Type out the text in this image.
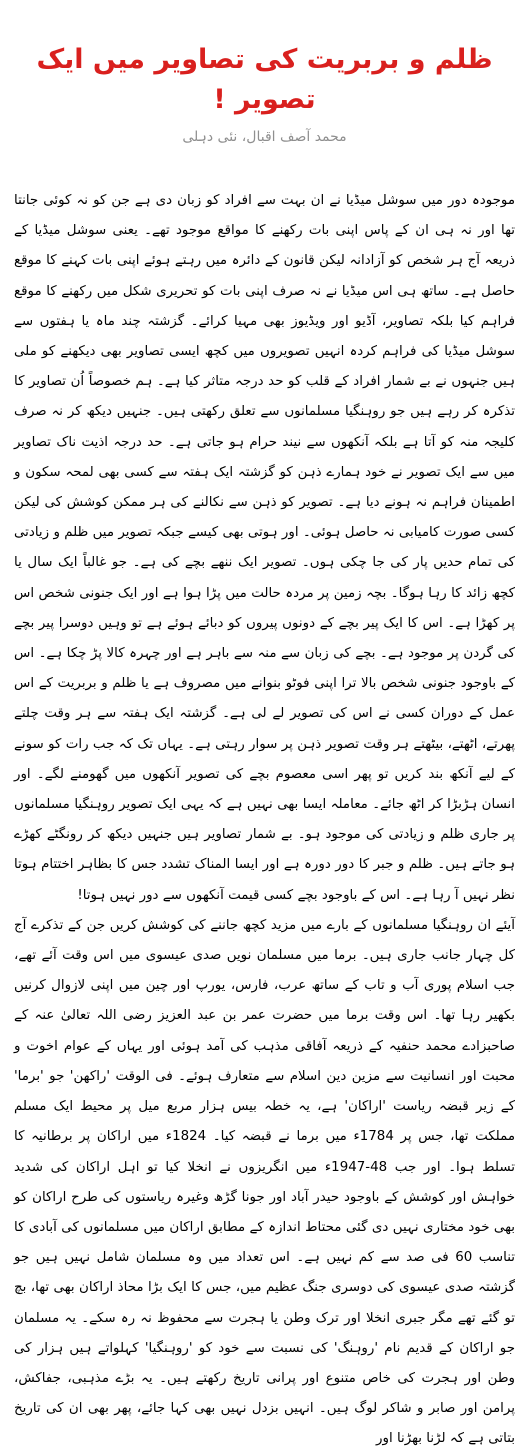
ظلم و بربریت کی تصاویر میں ایک تصویر !
محمد آصف اقبال، نئی دہلی

موجودہ دور میں سوشل میڈیا نے ان بہت سے افراد کو زبان دی ہے جن کو نہ کوئی جانتا تھا اور نہ ہی ان کے پاس اپنی بات رکھنے کا مواقع موجود تھے۔ یعنی سوشل میڈیا کے ذریعہ آج ہر شخص کو آزادانہ لیکن قانون کے دائرہ میں رہتے ہوئے اپنی بات کہنے کا موقع حاصل ہے۔ ساتھ ہی اس میڈیا نے نہ صرف اپنی بات کو تحریری شکل میں رکھنے کا موقع فراہم کیا بلکہ تصاویر، آڈیو اور ویڈیوز بھی مہیا کرائے۔ گزشتہ چند ماہ یا ہفتوں سے سوشل میڈیا کی فراہم کردہ انہیں تصویروں میں کچھ ایسی تصاویر بھی دیکھنے کو ملی ہیں جنہوں نے بے شمار افراد کے قلب کو حد درجہ متاثر کیا ہے۔ ہم خصوصاً اُن تصاویر کا تذکرہ کر رہے ہیں جو روہنگیا مسلمانوں سے تعلق رکھتی ہیں۔ جنہیں دیکھ کر نہ صرف کلیجہ منہ کو آتا ہے بلکہ آنکھوں سے نیند حرام ہو جاتی ہے۔ حد درجہ اذیت ناک تصاویر میں سے ایک تصویر نے خود ہمارے ذہن کو گزشتہ ایک ہفتہ سے کسی بھی لمحہ سکون و اطمینان فراہم نہ ہونے دیا ہے۔ تصویر کو ذہن سے نکالنے کی ہر ممکن کوشش کی لیکن کسی صورت کامیابی نہ حاصل ہوئی۔ اور ہوتی بھی کیسے جبکہ تصویر میں ظلم و زیادتی کی تمام حدیں پار کی جا چکی ہوں۔ تصویر ایک ننھے بچے کی ہے۔ جو غالباً ایک سال یا کچھ زائد کا رہا ہوگا۔ بچہ زمین پر مردہ حالت میں پڑا ہوا ہے اور ایک جنونی شخص اس پر کھڑا ہے۔ اس کا ایک پیر بچے کے دونوں پیروں کو دبائے ہوئے ہے تو وہیں دوسرا پیر بچے کی گردن پر موجود ہے۔ بچے کی زبان سے منہ سے باہر ہے اور چہرہ کالا پڑ چکا ہے۔ اس کے باوجود جنونی شخص بالا ترا اپنی فوٹو بنوانے میں مصروف ہے یا ظلم و بربریت کے اس عمل کے دوران کسی نے اس کی تصویر لے لی ہے۔ گزشتہ ایک ہفتہ سے ہر وقت چلتے پھرتے، اٹھتے، بیٹھتے ہر وقت تصویر ذہن پر سوار رہتی ہے۔ یہاں تک کہ جب رات کو سونے کے لیے آنکھ بند کریں تو پھر اسی معصوم بچے کی تصویر آنکھوں میں گھومنے لگے۔ اور انسان ہڑبڑا کر اٹھ جائے۔ معاملہ ایسا بھی نہیں ہے کہ یہی ایک تصویر روہنگیا مسلمانوں پر جاری ظلم و زیادتی کی موجود ہو۔ بے شمار تصاویر ہیں جنہیں دیکھ کر رونگٹے کھڑے ہو جاتے ہیں۔ ظلم و جبر کا دور دورہ ہے اور ایسا المناک تشدد جس کا بظاہر اختتام ہوتا نظر نہیں آ رہا ہے۔ اس کے باوجود بچے کسی قیمت آنکھوں سے دور نہیں ہوتا!

آیئے ان روہنگیا مسلمانوں کے بارے میں مزید کچھ جاننے کی کوشش کریں جن کے تذکرے آج کل چہار جانب جاری ہیں۔ برما میں مسلمان نویں صدی عیسوی میں اس وقت آئے تھے، جب اسلام پوری آب و تاب کے ساتھ عرب، فارس، یورپ اور چین میں اپنی لازوال کرنیں بکھیر رہا تھا۔ اس وقت برما میں حضرت عمر بن عبد العزیز رضی اللہ تعالیٰ عنہ کے صاحبزادے محمد حنفیہ کے ذریعہ آفاقی مذہب کی آمد ہوئی اور یہاں کے عوام اخوت و محبت اور انسانیت سے مزین دین اسلام سے متعارف ہوئے۔ فی الوقت 'راکھن' جو 'برما' کے زیر قبضہ ریاست 'اراکان' ہے، یہ خطہ بیس ہزار مربع میل پر محیط ایک مسلم مملکت تھا، جس پر 1784ء میں برما نے قبضہ کیا۔ 1824ء میں اراکان پر برطانیہ کا تسلط ہوا۔ اور جب 48-1947ء میں انگریزوں نے انخلا کیا تو اہل اراکان کی شدید خواہش اور کوشش کے باوجود حیدر آباد اور جونا گڑھ وغیرہ ریاستوں کی طرح اراکان کو بھی خود مختاری نہیں دی گئی محتاط اندازہ کے مطابق اراکان میں مسلمانوں کی آبادی کا تناسب 60 فی صد سے کم نہیں ہے۔ اس تعداد میں وہ مسلمان شامل نہیں ہیں جو گزشتہ صدی عیسوی کی دوسری جنگ عظیم میں، جس کا ایک بڑا محاذ اراکان بھی تھا، بچ تو گئے تھے مگر جبری انخلا اور ترک وطن یا ہجرت سے محفوظ نہ رہ سکے۔ یہ مسلمان جو اراکان کے قدیم نام 'روہنگ' کی نسبت سے خود کو 'روہنگیا' کہلواتے ہیں ہزار کی وطن اور ہجرت کی خاص متنوع اور پرانی تاریخ رکھتے ہیں۔ یہ بڑے مذہبی، جفاکش، پرامن اور صابر و شاکر لوگ ہیں۔ انہیں بزدل نہیں بھی کہا جائے، پھر بھی ان کی تاریخ بتاتی ہے کہ لڑنا بھڑنا اور
